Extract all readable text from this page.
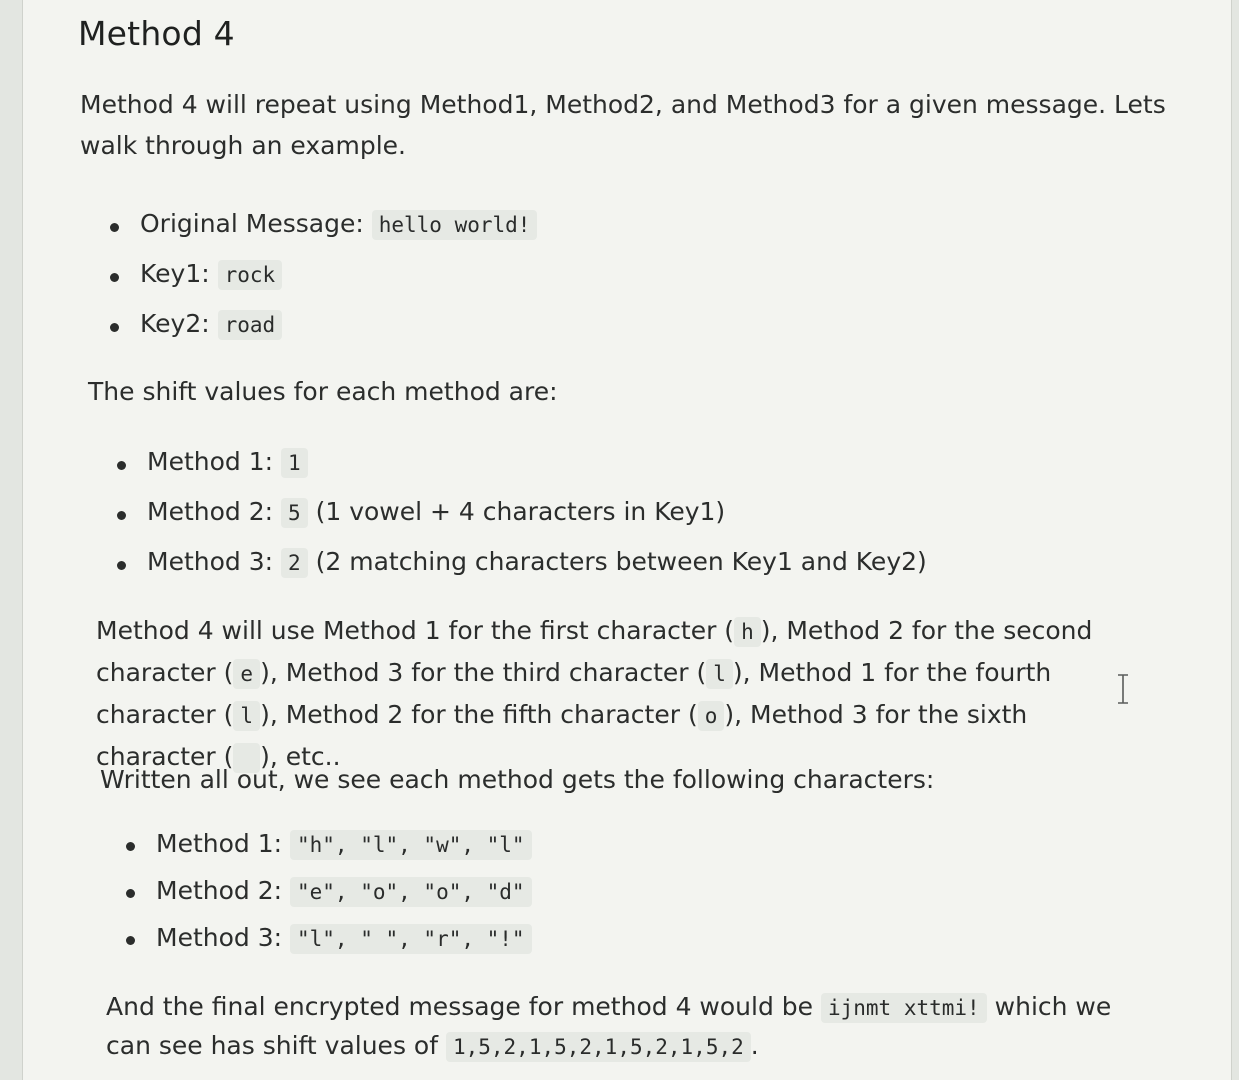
Method 4

Method 4 will repeat using Method1, Method2, and Method3 for a given message. Lets walk through an example.

Original Message: hello world!
Key1: rock
Key2: road

The shift values for each method are:

Method 1: 1
Method 2: 5 (1 vowel + 4 characters in Key1)
Method 3: 2 (2 matching characters between Key1 and Key2)

Method 4 will use Method 1 for the first character ( h ), Method 2 for the second character ( e ), Method 3 for the third character ( l ), Method 1 for the fourth character ( l ), Method 2 for the fifth character ( o ), Method 3 for the sixth character ( ), etc..

Written all out, we see each method gets the following characters:

Method 1: "h", "l", "w", "l"
Method 2: "e", "o", "o", "d"
Method 3: "l", " ", "r", "!"

And the final encrypted message for method 4 would be ijnmt xttmi! which we can see has shift values of 1,5,2,1,5,2,1,5,2,1,5,2 .
